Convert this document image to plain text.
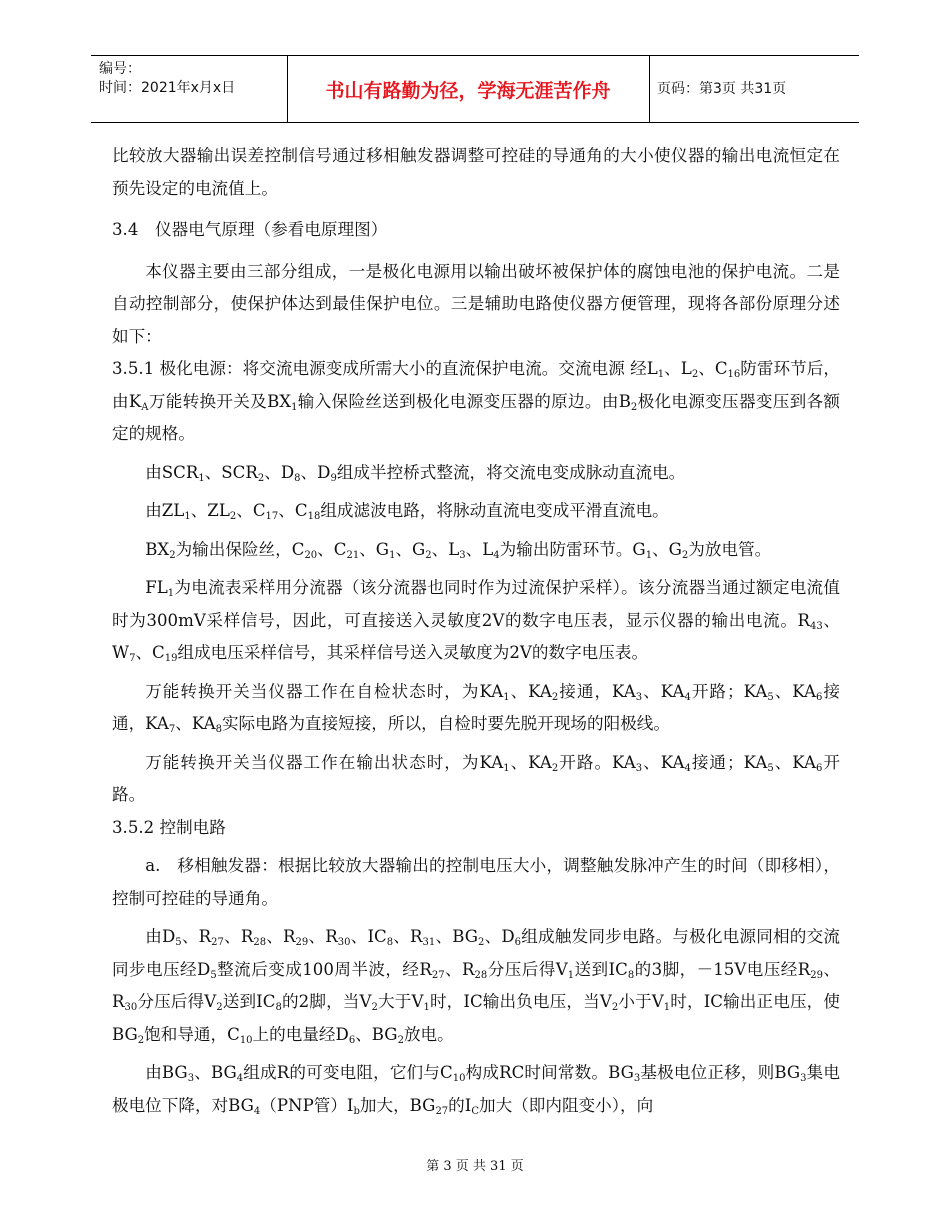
编号：
时间：2021年x月x日	书山有路勤为径，学海无涯苦作舟	页码：第3页 共31页

比较放大器输出误差控制信号通过移相触发器调整可控硅的导通角的大小使仪器的输出电流恒定在预先设定的电流值上。

3.4　仪器电气原理（参看电原理图）

本仪器主要由三部分组成，一是极化电源用以输出破坏被保护体的腐蚀电池的保护电流。二是自动控制部分，使保护体达到最佳保护电位。三是辅助电路使仪器方便管理，现将各部份原理分述如下：

3.5.1 极化电源：将交流电源变成所需大小的直流保护电流。交流电源 经$L_1$、$L_2$、$C_{16}$防雷环节后，由$K_A$万能转换开关及$BX_1$输入保险丝送到极化电源变压器的原边。由$B_2$极化电源变压器变压到各额定的规格。

由$SCR_1$、$SCR_2$、$D_8$、$D_9$组成半控桥式整流，将交流电变成脉动直流电。

由$ZL_1$、$ZL_2$、$C_{17}$、$C_{18}$组成滤波电路，将脉动直流电变成平滑直流电。

$BX_2$为输出保险丝，$C_{20}$、$C_{21}$、$G_1$、$G_2$、$L_3$、$L_4$为输出防雷环节。$G_1$、$G_2$为放电管。

$FL_1$为电流表采样用分流器（该分流器也同时作为过流保护采样）。该分流器当通过额定电流值时为300mV采样信号，因此，可直接送入灵敏度2V的数字电压表，显示仪器的输出电流。$R_{43}$、$W_7$、$C_{19}$组成电压采样信号，其采样信号送入灵敏度为2V的数字电压表。

万能转换开关当仪器工作在自检状态时，为$KA_1$、$KA_2$接通，$KA_3$、$KA_4$开路；$KA_5$、$KA_6$接通，$KA_7$、$KA_8$实际电路为直接短接，所以，自检时要先脱开现场的阳极线。

万能转换开关当仪器工作在输出状态时，为$KA_1$、$KA_2$开路。$KA_3$、$KA_4$接通；$KA_5$、$KA_6$开路。

3.5.2 控制电路

a.　移相触发器：根据比较放大器输出的控制电压大小，调整触发脉冲产生的时间（即移相），控制可控硅的导通角。

由$D_5$、$R_{27}$、$R_{28}$、$R_{29}$、$R_{30}$、$IC_8$、$R_{31}$、$BG_2$、$D_6$组成触发同步电路。与极化电源同相的交流同步电压经$D_5$整流后变成100周半波，经$R_{27}$、$R_{28}$分压后得$V_1$送到$IC_8$的3脚，－15V电压经$R_{29}$、$R_{30}$分压后得$V_2$送到$IC_8$的2脚，当$V_2$大于$V_1$时，IC输出负电压，当$V_2$小于$V_1$时，IC输出正电压，使$BG_2$饱和导通，$C_{10}$上的电量经$D_6$、$BG_2$放电。

由$BG_3$、$BG_4$组成R的可变电阻，它们与$C_{10}$构成RC时间常数。$BG_3$基极电位正移，则$BG_3$集电极电位下降，对$BG_4(PNP$管）$I_b$加大，$BG_{27}$的$I_C$加大（即内阻变小），向

第 3 页 共 31 页
